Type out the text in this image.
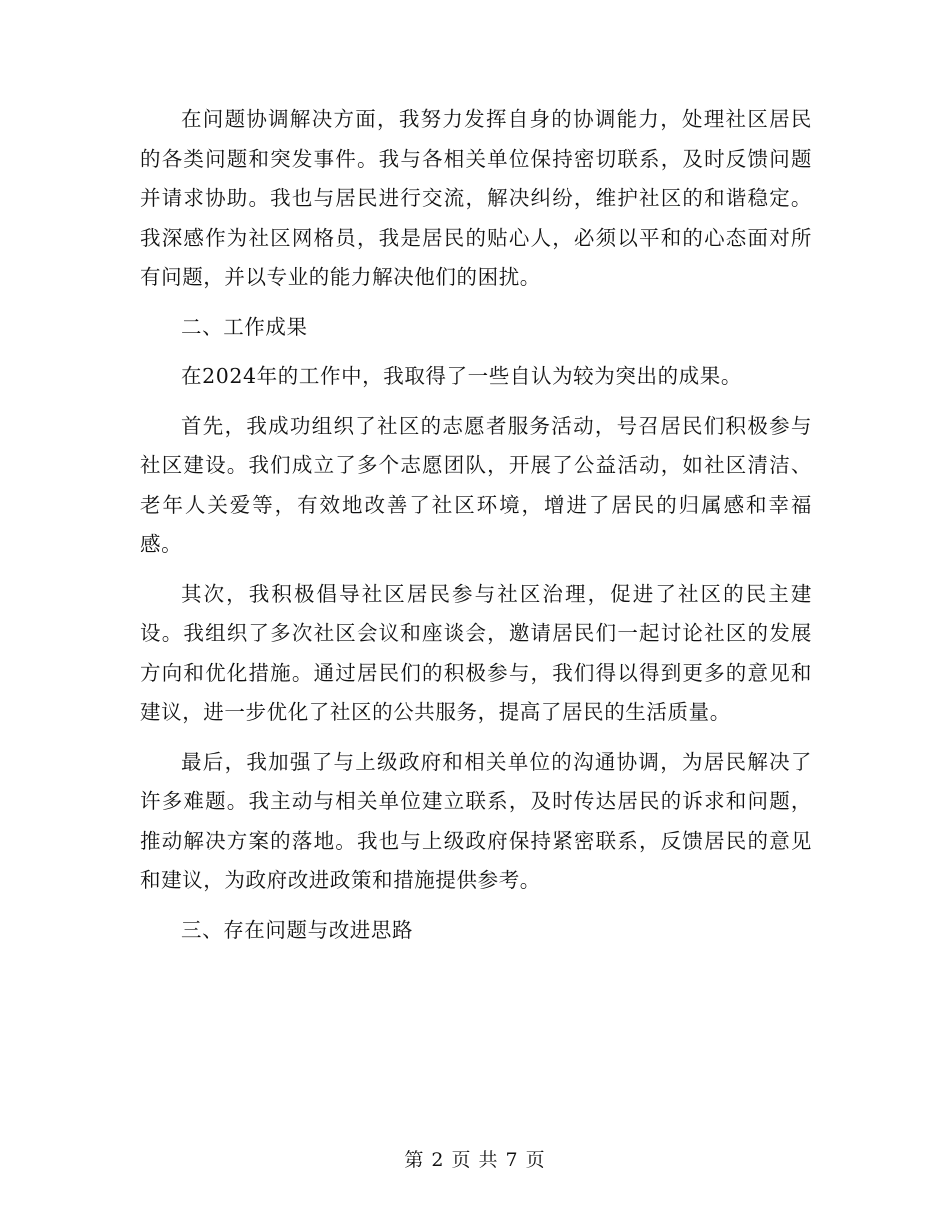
在问题协调解决方面，我努力发挥自身的协调能力，处理社区居民的各类问题和突发事件。我与各相关单位保持密切联系，及时反馈问题并请求协助。我也与居民进行交流，解决纠纷，维护社区的和谐稳定。我深感作为社区网格员，我是居民的贴心人，必须以平和的心态面对所有问题，并以专业的能力解决他们的困扰。

二、工作成果

在2024年的工作中，我取得了一些自认为较为突出的成果。

首先，我成功组织了社区的志愿者服务活动，号召居民们积极参与社区建设。我们成立了多个志愿团队，开展了公益活动，如社区清洁、老年人关爱等，有效地改善了社区环境，增进了居民的归属感和幸福感。

其次，我积极倡导社区居民参与社区治理，促进了社区的民主建设。我组织了多次社区会议和座谈会，邀请居民们一起讨论社区的发展方向和优化措施。通过居民们的积极参与，我们得以得到更多的意见和建议，进一步优化了社区的公共服务，提高了居民的生活质量。

最后，我加强了与上级政府和相关单位的沟通协调，为居民解决了许多难题。我主动与相关单位建立联系，及时传达居民的诉求和问题，推动解决方案的落地。我也与上级政府保持紧密联系，反馈居民的意见和建议，为政府改进政策和措施提供参考。

三、存在问题与改进思路

第 2 页 共 7 页
